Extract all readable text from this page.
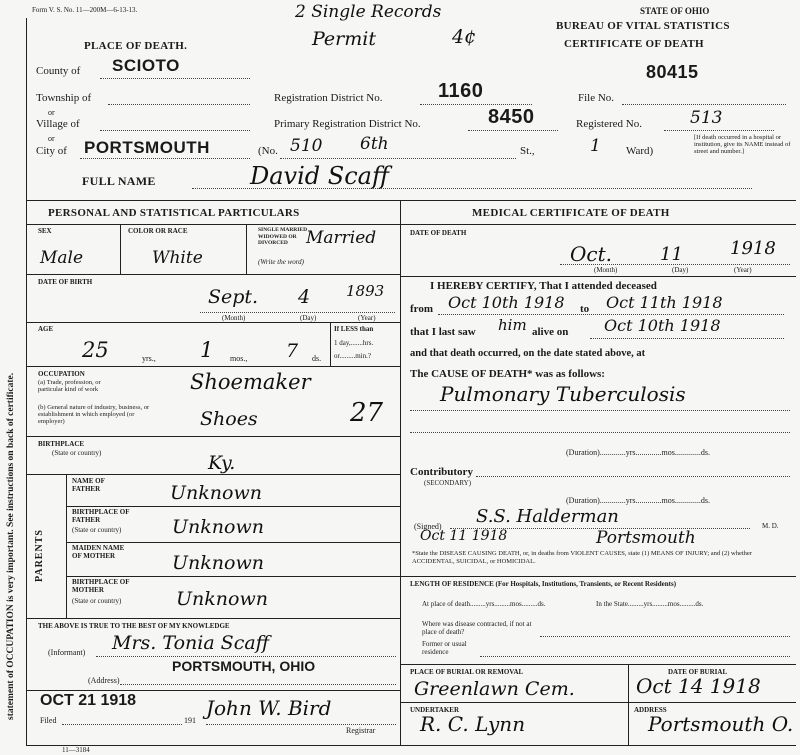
statement of OCCUPATION is very important. See instructions on back of certificate.
Form V. S. No. 11—200M—6-13-13.	2 Single Records
Permit	4¢
STATE OF OHIO
BUREAU OF VITAL STATISTICS
CERTIFICATE OF DEATH
PLACE OF DEATH.
County of SCIOTO
Township of
or
Village of
or
City of PORTSMOUTH
Registration District No.	1160	File No.
80415
Primary Registration District No.	8450	Registered No.	513
(No. 510 6th	St.,	1 Ward)
[If death occurred in a hospital or institution, give its NAME instead of street and number.]
FULL NAME	David Scaff
PERSONAL AND STATISTICAL PARTICULARS
SEX	COLOR OR RACE	SINGLE MARRIED WIDOWED OR DIVORCED
(Write the word)
Male	White
Married
DATE OF BIRTH
Sept. 4 1893
(Month)	(Day)	(Year)
AGE
25	yrs., 1 mos., 7 ds.
If LESS than
1 day,.......hrs.
or.........min.?
OCCUPATION
(a) Trade, profession, or particular kind of work	Shoemaker
(b) General nature of industry, business, or establishment in which employed (or employer)	Shoes	27
BIRTHPLACE
(State or country)	Ky.
PARENTS
NAME OF FATHER	Unknown
BIRTHPLACE OF FATHER
(State or country)	Unknown
MAIDEN NAME OF MOTHER	Unknown
BIRTHPLACE OF MOTHER
(State or country)	Unknown
THE ABOVE IS TRUE TO THE BEST OF MY KNOWLEDGE
(Informant) Mrs. Tonia Scaff
PORTSMOUTH, OHIO
(Address)
OCT 21 1918
Filed	191
John W. Bird
Registrar
11—3184
MEDICAL CERTIFICATE OF DEATH
DATE OF DEATH
Oct.	11	1918
(Month)	(Day)	(Year)
I HEREBY CERTIFY, That I attended deceased
from Oct 10th 1918 to Oct 11th 1918
that I last saw him alive on Oct 10th 1918
and that death occurred, on the date stated above, at
The CAUSE OF DEATH* was as follows:
Pulmonary Tuberculosis
(Duration).............yrs.............mos.............ds.
Contributory
(SECONDARY)
(Duration).............yrs.............mos.............ds.
(Signed) S.S. Halderman	M. D.
Oct 11 1918	Portsmouth
*State the DISEASE CAUSING DEATH, or, in deaths from VIOLENT CAUSES, state (1) MEANS OF INJURY; and (2) whether ACCIDENTAL, SUICIDAL, or HOMICIDAL.
LENGTH OF RESIDENCE (For Hospitals, Institutions, Transients, or Recent Residents)
At place of death.........yrs.........mos.........ds.	In the State.........yrs.........mos.........ds.
Where was disease contracted, if not at place of death?
Former or usual residence
PLACE OF BURIAL OR REMOVAL
Greenlawn Cem.
DATE OF BURIAL
Oct 14 1918
UNDERTAKER
R. C. Lynn
ADDRESS
Portsmouth O.
